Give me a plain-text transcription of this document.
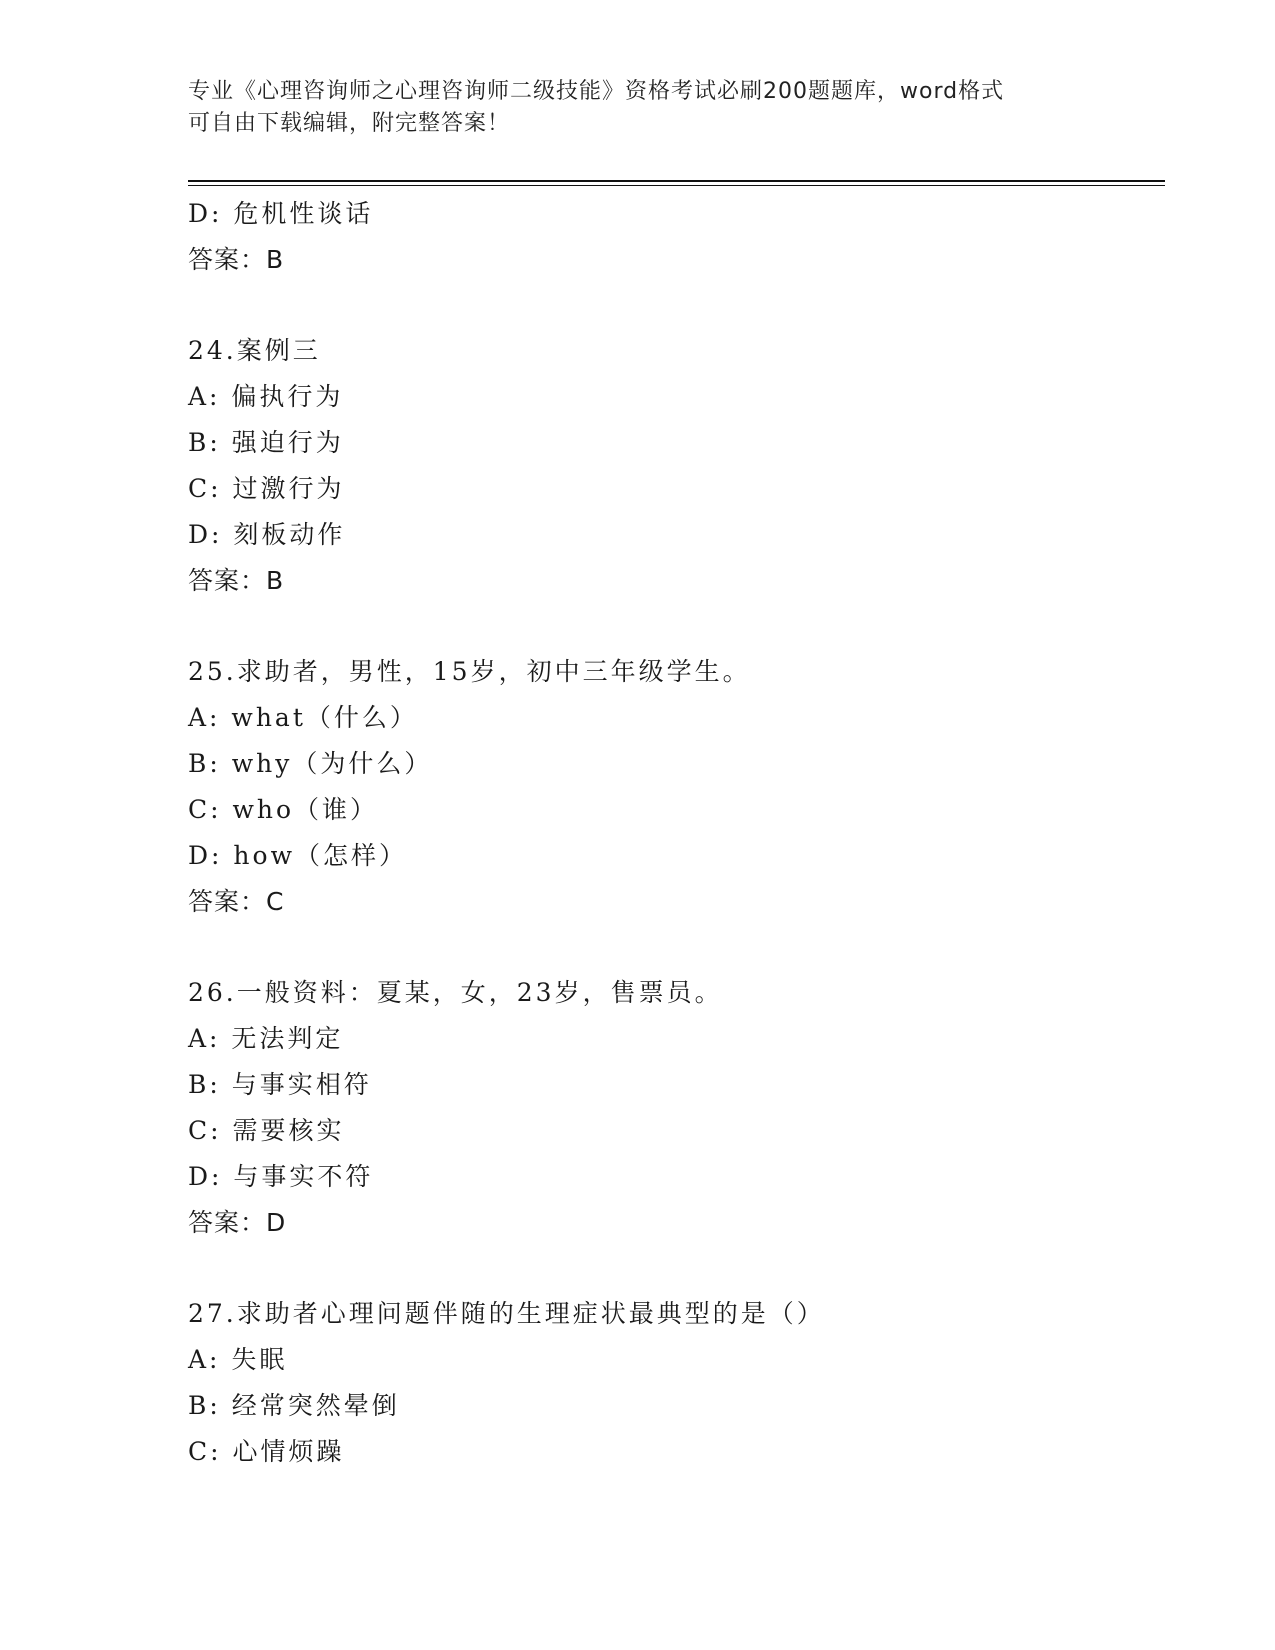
专业《心理咨询师之心理咨询师二级技能》资格考试必刷200题题库，word格式
可自由下载编辑，附完整答案！
D: 危机性谈话
答案：B
24.案例三
A: 偏执行为
B: 强迫行为
C: 过激行为
D: 刻板动作
答案：B
25.求助者，男性，15岁，初中三年级学生。
A: what（什么）
B: why（为什么）
C: who（谁）
D: how（怎样）
答案：C
26.一般资料：夏某，女，23岁，售票员。
A: 无法判定
B: 与事实相符
C: 需要核实
D: 与事实不符
答案：D
27.求助者心理问题伴随的生理症状最典型的是（）
A: 失眠
B: 经常突然晕倒
C: 心情烦躁
